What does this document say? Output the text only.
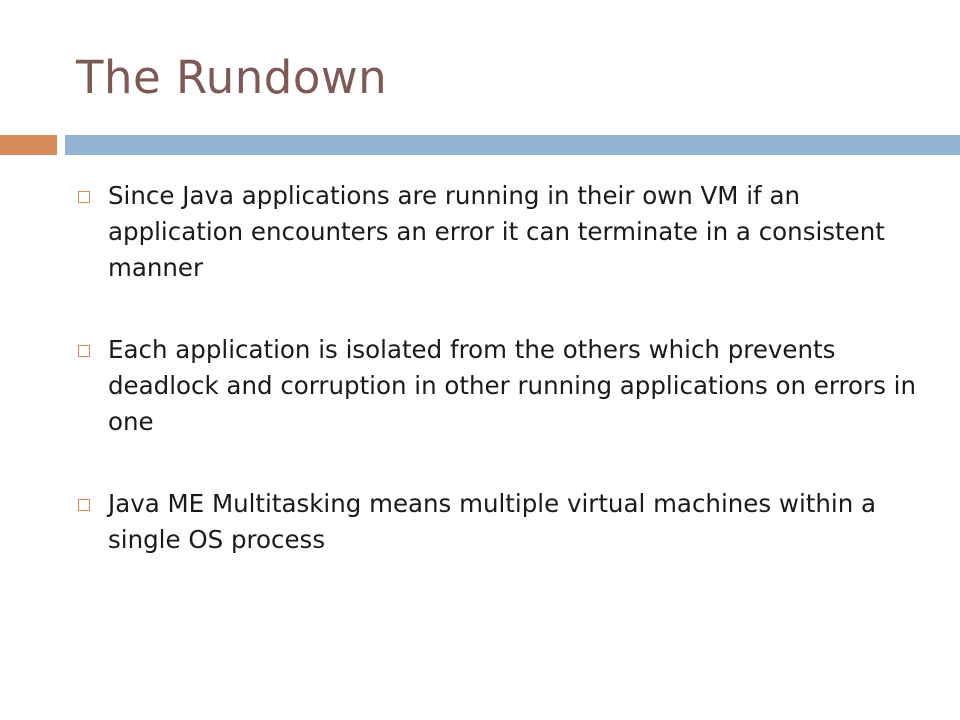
The Rundown
Since Java applications are running in their own VM if an application encounters an error it can terminate in a consistent manner
Each application is isolated from the others which prevents deadlock and corruption in other running applications on errors in one
Java ME Multitasking means multiple virtual machines within a single OS process
